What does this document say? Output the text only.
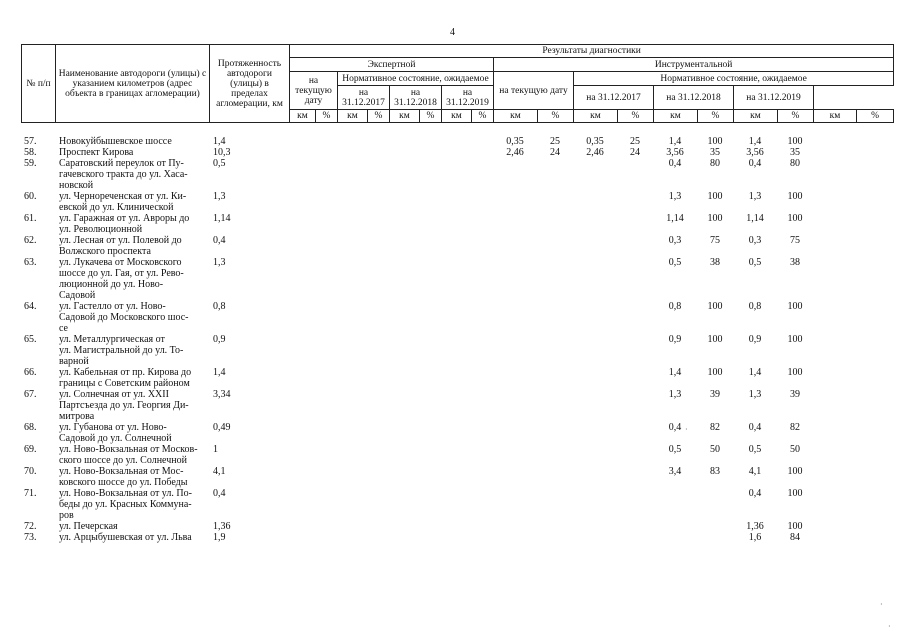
4
№ п/п	Наименование автодороги (улицы) с указанием километров (адрес объекта в границах агломерации)	Протяженность автодороги (улицы) в пределах агломерации, км	Результаты диагностики																	
			Экспертной								Инструментальной									
			на текущую дату		Нормативное состояние, ожидаемое						на текущую дату		Нормативное состояние, ожидаемое							
					на 31.12.2017		на 31.12.2018		на 31.12.2019				на 31.12.2017		на 31.12.2018		на 31.12.2019			
			км	%	км	%	км	%	км	%	км	%	км	%	км	%	км	%	км	%
57.	Новокуйбышевское шоссе	1,4									0,35	25	0,35	25	1,4	100	1,4	100
58.	Проспект Кирова	10,3									2,46	24	2,46	24	3,56	35	3,56	35
59.	Саратовский переулок от Пу-
гачевского тракта до ул. Хаса-
новской	0,5													0,4	80	0,4	80
60.	ул. Чернореченская от ул. Ки-
евской до ул. Клинической	1,3													1,3	100	1,3	100
61.	ул. Гаражная от ул. Авроры до
ул. Революционной	1,14													1,14	100	1,14	100
62.	ул. Лесная от ул. Полевой до
Волжского проспекта	0,4													0,3	75	0,3	75
63.	ул. Лукачева от Московского
шоссе до ул. Гая, от ул. Рево-
люционной до ул. Ново-
Садовой	1,3													0,5	38	0,5	38
64.	ул. Гастелло от ул. Ново-
Садовой до Московского шос-
се	0,8													0,8	100	0,8	100
65.	ул. Металлургическая от
ул. Магистральной до ул. То-
варной	0,9													0,9	100	0,9	100
66.	ул. Кабельная от пр. Кирова до
границы с Советским районом	1,4													1,4	100	1,4	100
67.	ул. Солнечная от ул. XXII
Партсъезда до ул. Георгия Ди-
митрова	3,34													1,3	39	1,3	39
68.	ул. Губанова от ул. Ново-
Садовой до ул. Солнечной	0,49													0,4	82	0,4	82
69.	ул. Ново-Вокзальная от Москов-
ского шоссе до ул. Солнечной	1													0,5	50	0,5	50
70.	ул. Ново-Вокзальная от Мос-
ковского шоссе до ул. Победы	4,1													3,4	83	4,1	100
71.	ул. Ново-Вокзальная от ул. По-
беды до ул. Красных Коммуна-
ров	0,4															0,4	100
72.	ул. Печерская	1,36															1,36	100
73.	ул. Арцыбушевская от ул. Льва	1,9															1,6	84
·
·
·
